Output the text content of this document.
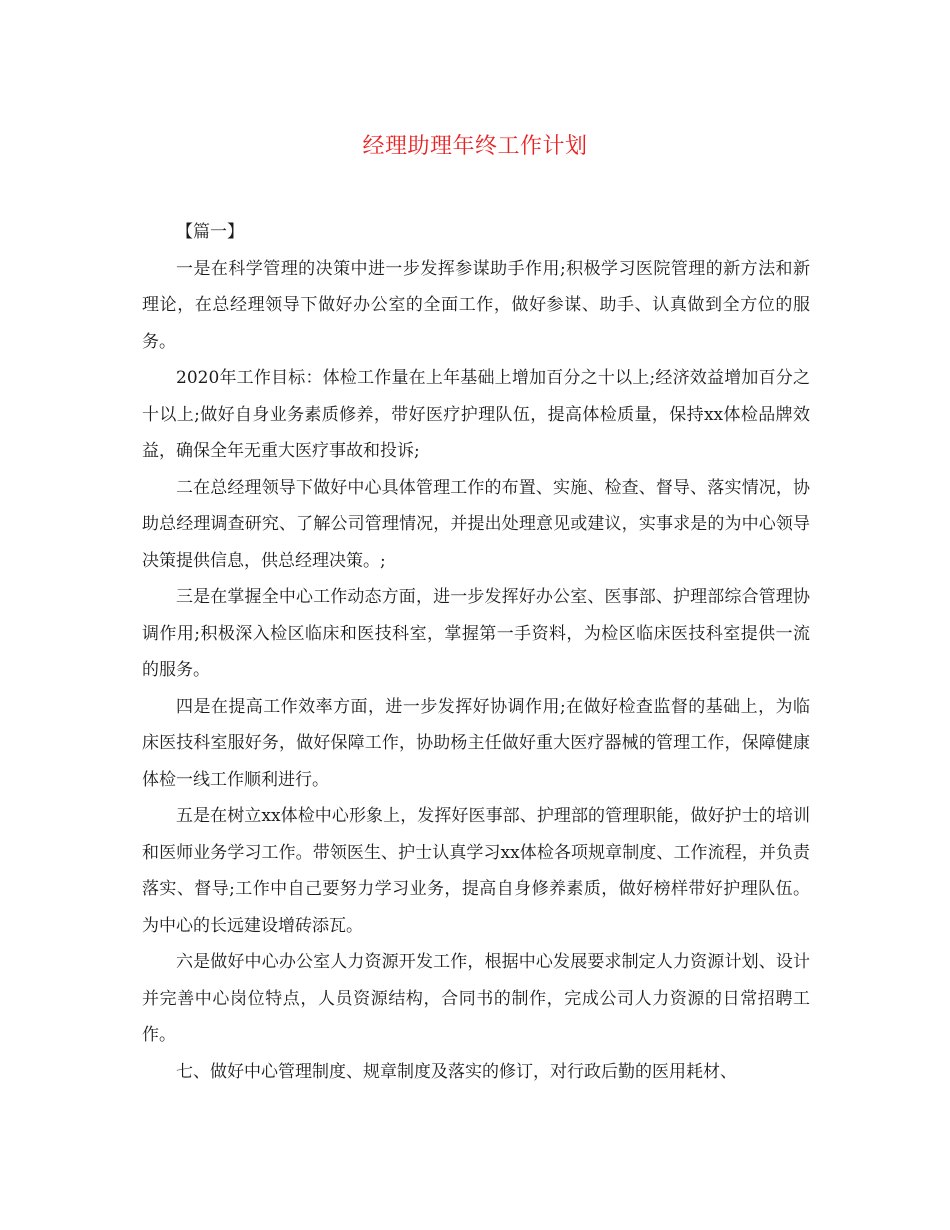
经理助理年终工作计划

【篇一】

一是在科学管理的决策中进一步发挥参谋助手作用;积极学习医院管理的新方法和新理论，在总经理领导下做好办公室的全面工作，做好参谋、助手、认真做到全方位的服务。

2020年工作目标：体检工作量在上年基础上增加百分之十以上;经济效益增加百分之十以上;做好自身业务素质修养，带好医疗护理队伍，提高体检质量，保持xx体检品牌效益，确保全年无重大医疗事故和投诉;

二在总经理领导下做好中心具体管理工作的布置、实施、检查、督导、落实情况，协助总经理调查研究、了解公司管理情况，并提出处理意见或建议，实事求是的为中心领导决策提供信息，供总经理决策。;

三是在掌握全中心工作动态方面，进一步发挥好办公室、医事部、护理部综合管理协调作用;积极深入检区临床和医技科室，掌握第一手资料，为检区临床医技科室提供一流的服务。

四是在提高工作效率方面，进一步发挥好协调作用;在做好检查监督的基础上，为临床医技科室服好务，做好保障工作，协助杨主任做好重大医疗器械的管理工作，保障健康体检一线工作顺利进行。

五是在树立xx体检中心形象上，发挥好医事部、护理部的管理职能，做好护士的培训和医师业务学习工作。带领医生、护士认真学习xx体检各项规章制度、工作流程，并负责落实、督导;工作中自己要努力学习业务，提高自身修养素质，做好榜样带好护理队伍。为中心的长远建设增砖添瓦。

六是做好中心办公室人力资源开发工作，根据中心发展要求制定人力资源计划、设计并完善中心岗位特点，人员资源结构，合同书的制作，完成公司人力资源的日常招聘工作。

七、做好中心管理制度、规章制度及落实的修订，对行政后勤的医用耗材、
